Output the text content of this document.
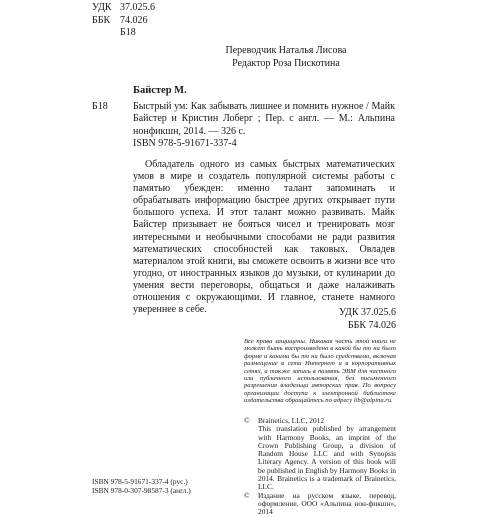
УДК 37.025.6
ББК 74.026
Б18
Переводчик Наталья Лисова
Редактор Роза Пискотина
Байстер М.
Б18	Быстрый ум: Как забывать лишнее и помнить нужное / Майк Байстер и Кристин Лоберг ; Пер. с англ. — М.: Альпина нонфикшн, 2014. — 326 с.
ISBN 978-5-91671-337-4
Обладатель одного из самых быстрых математических умов в мире и создатель популярной системы работы с памятью убежден: именно талант запоминать и обрабатывать информацию быстрее других открывает пути большого успеха. И этот талант можно развивать. Майк Байстер призывает не бояться чисел и тренировать мозг интересными и необычными способами не ради развития математических способностей как таковых. Овладев материалом этой книги, вы сможете освоить в жизни все что угодно, от иностранных языков до музыки, от кулинарии до умения вести переговоры, общаться и даже налаживать отношения с окружающими. И главное, станете намного увереннее в себе.	УДК 37.025.6
ББК 74.026
Все права защищены. Никакая часть этой книги не может быть воспроизведена в какой бы то ни было форме и какими бы то ни было средствами, включая размещение в сети Интернет и в корпоративных сетях, а также запись в память ЭВМ для частного или публичного использования, без письменного разрешения владельца авторских прав. По вопросу организации доступа к электронной библиотеке издательства обращайтесь по адресу lib@alpina.ru.
©	Brainetics, LLC, 2012
This translation published by arrangement with Harmony Books, an imprint of the Crown Publishing Group, a division of Random House LLC and with Synopsis Literary Agency. A version of this book will be published in English by Harmony Books in 2014. Brainetics is a trademark of Brainetics, LLC.
©	Издание на русском языке, перевод, оформление. ООО «Альпина нон-фикшн», 2014
ISBN 978-5-91671-337-4 (рус.)
ISBN 978-0-307-98587-3 (англ.)
